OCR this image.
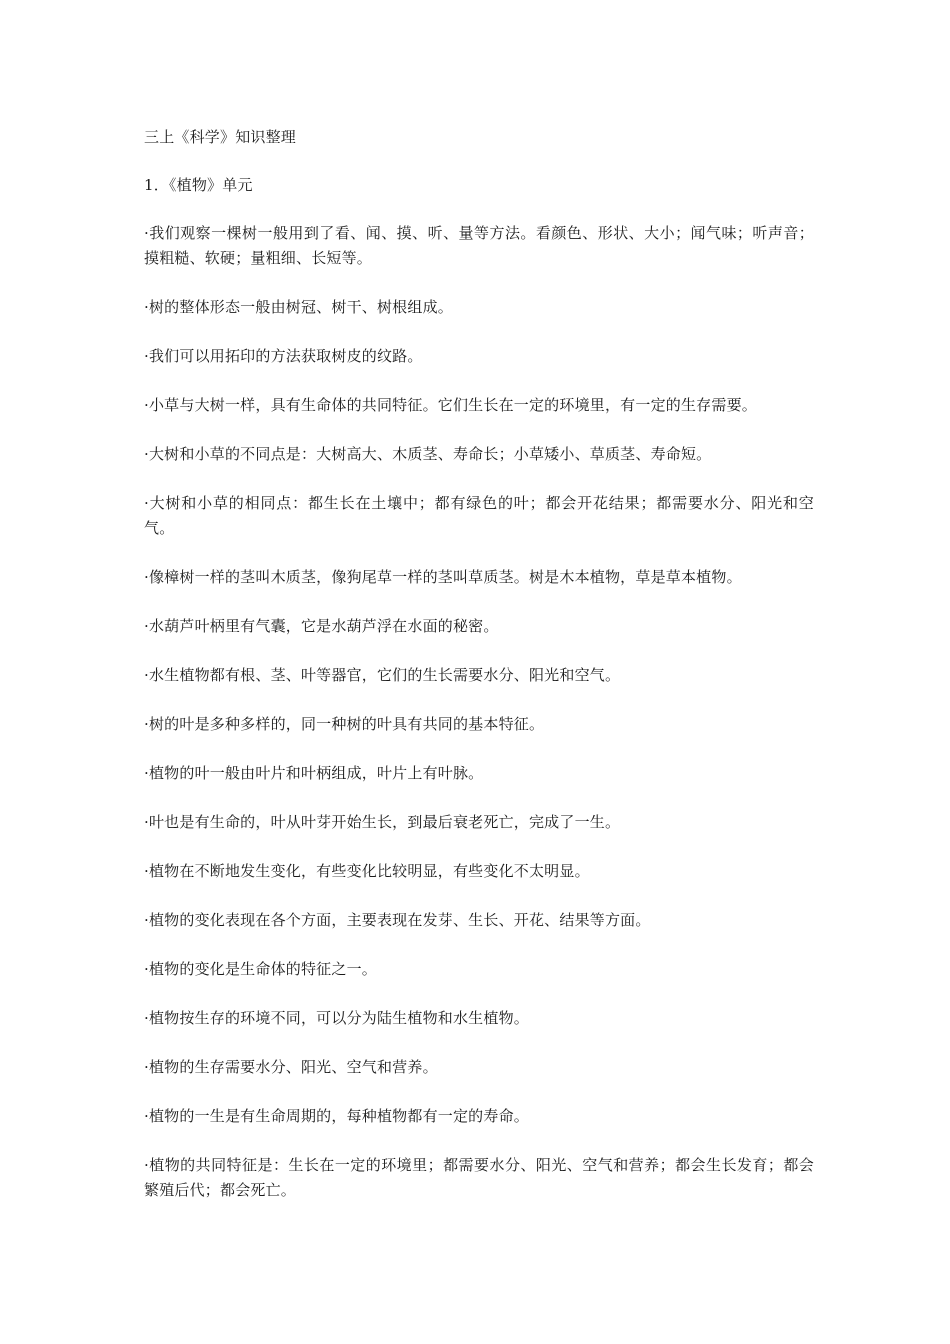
三上《科学》知识整理

1．《植物》单元

·我们观察一棵树一般用到了看、闻、摸、听、量等方法。看颜色、形状、大小；闻气味；听声音；摸粗糙、软硬；量粗细、长短等。

·树的整体形态一般由树冠、树干、树根组成。

·我们可以用拓印的方法获取树皮的纹路。

·小草与大树一样，具有生命体的共同特征。它们生长在一定的环境里，有一定的生存需要。

·大树和小草的不同点是：大树高大、木质茎、寿命长；小草矮小、草质茎、寿命短。

·大树和小草的相同点：都生长在土壤中；都有绿色的叶；都会开花结果；都需要水分、阳光和空气。

·像樟树一样的茎叫木质茎，像狗尾草一样的茎叫草质茎。树是木本植物，草是草本植物。

·水葫芦叶柄里有气囊，它是水葫芦浮在水面的秘密。

·水生植物都有根、茎、叶等器官，它们的生长需要水分、阳光和空气。

·树的叶是多种多样的，同一种树的叶具有共同的基本特征。

·植物的叶一般由叶片和叶柄组成，叶片上有叶脉。

·叶也是有生命的，叶从叶芽开始生长，到最后衰老死亡，完成了一生。

·植物在不断地发生变化，有些变化比较明显，有些变化不太明显。

·植物的变化表现在各个方面，主要表现在发芽、生长、开花、结果等方面。

·植物的变化是生命体的特征之一。

·植物按生存的环境不同，可以分为陆生植物和水生植物。

·植物的生存需要水分、阳光、空气和营养。

·植物的一生是有生命周期的，每种植物都有一定的寿命。

·植物的共同特征是：生长在一定的环境里；都需要水分、阳光、空气和营养；都会生长发育；都会繁殖后代；都会死亡。
